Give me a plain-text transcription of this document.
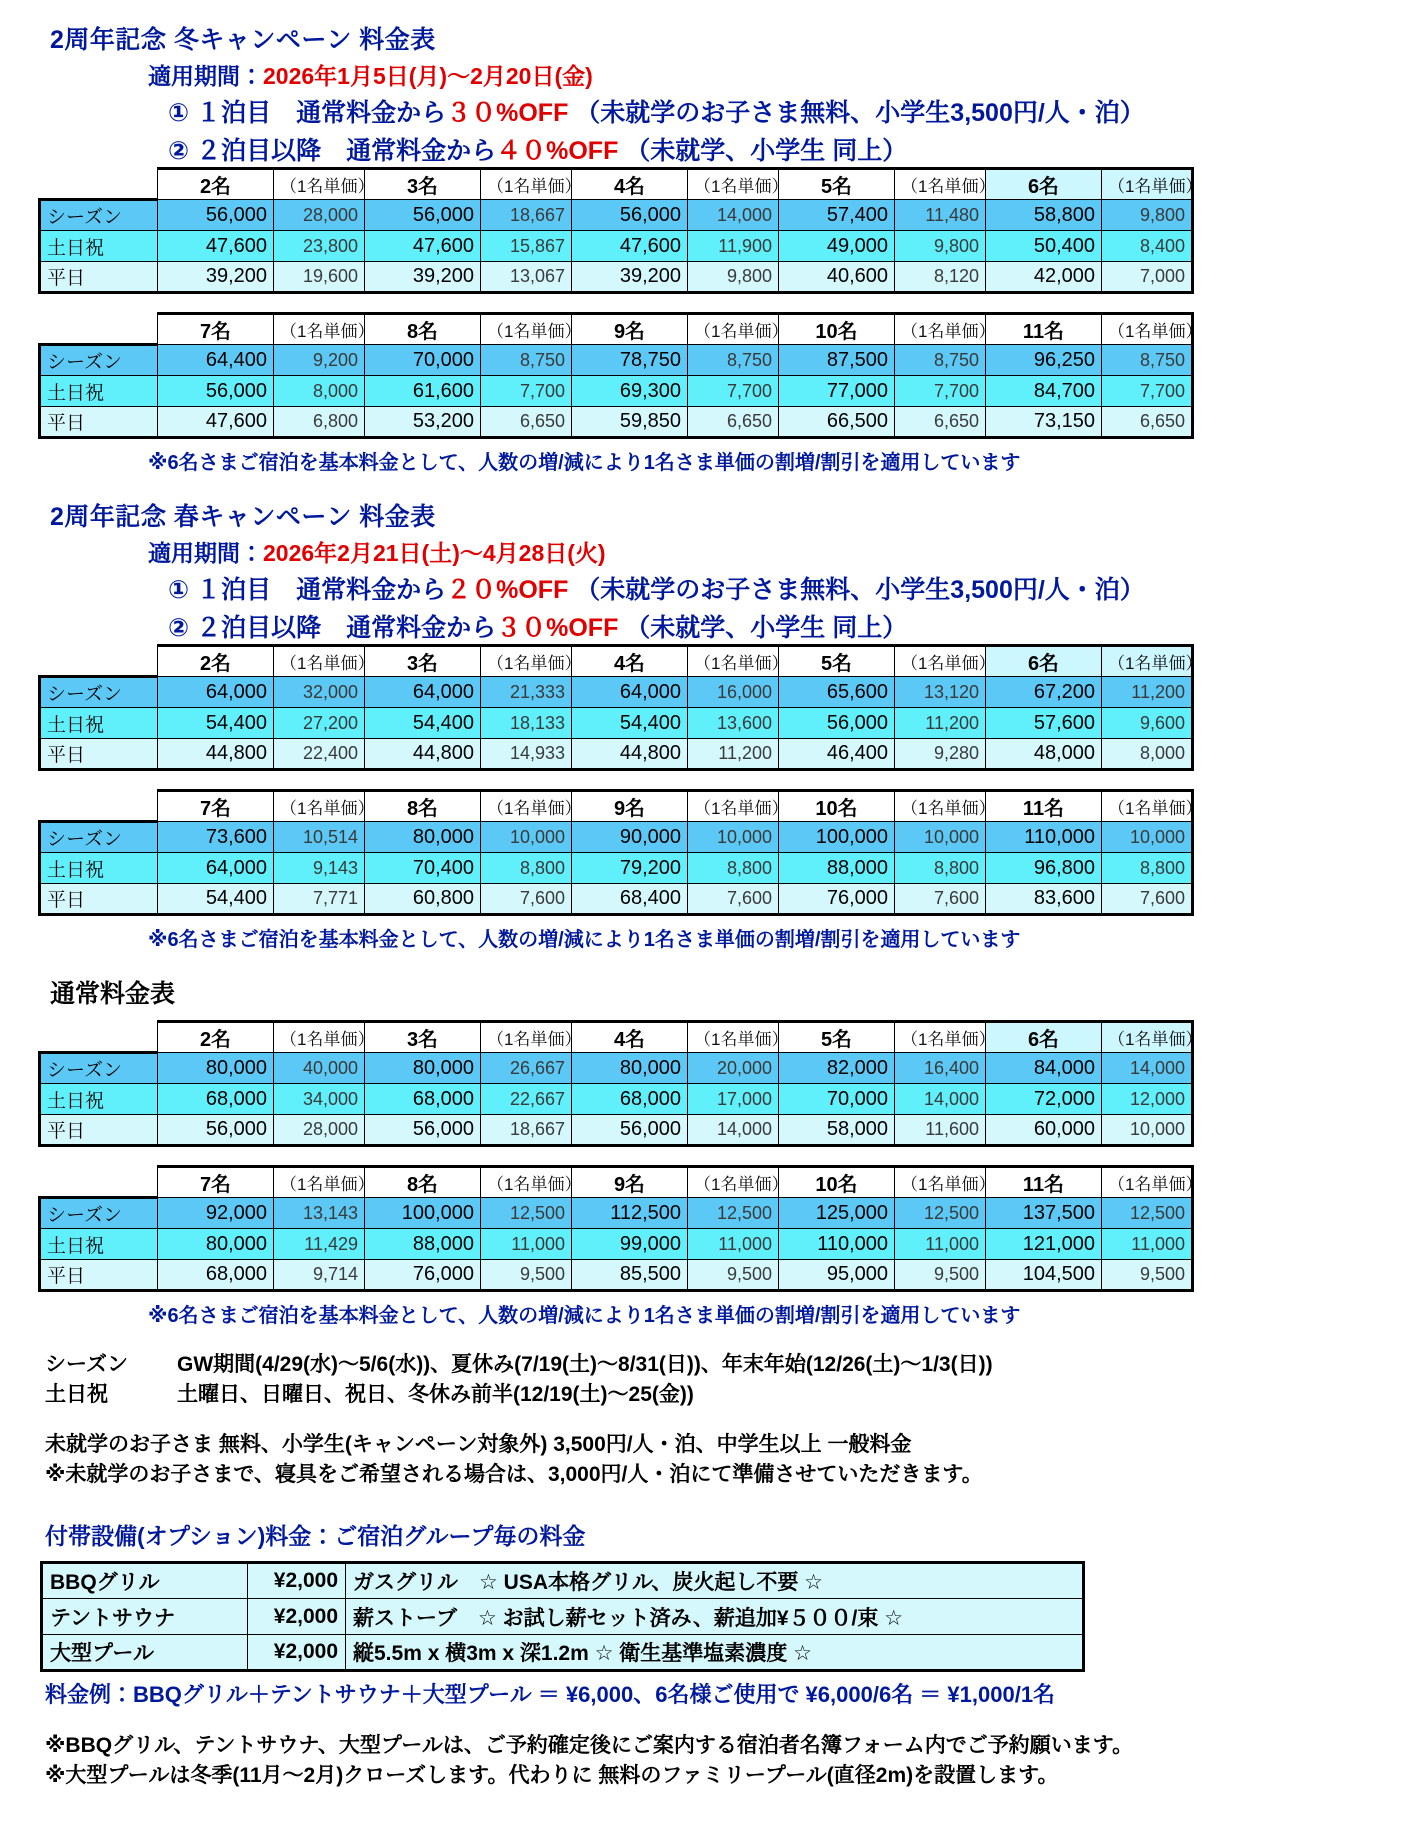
2周年記念 冬キャンペーン 料金表

適用期間：2026年1月5日(月)〜2月20日(金)

① １泊目　通常料金から３０%OFF （未就学のお子さま無料、小学生3,500円/人・泊）

② ２泊目以降　通常料金から４０%OFF （未就学、小学生 同上）

	2名	（1名単価）	3名	（1名単価）	4名	（1名単価）	5名	（1名単価）	6名	（1名単価）
シーズン	56,000	28,000	56,000	18,667	56,000	14,000	57,400	11,480	58,800	9,800
土日祝	47,600	23,800	47,600	15,867	47,600	11,900	49,000	9,800	50,400	8,400
平日	39,200	19,600	39,200	13,067	39,200	9,800	40,600	8,120	42,000	7,000
	7名	（1名単価）	8名	（1名単価）	9名	（1名単価）	10名	（1名単価）	11名	（1名単価）
シーズン	64,400	9,200	70,000	8,750	78,750	8,750	87,500	8,750	96,250	8,750
土日祝	56,000	8,000	61,600	7,700	69,300	7,700	77,000	7,700	84,700	7,700
平日	47,600	6,800	53,200	6,650	59,850	6,650	66,500	6,650	73,150	6,650

※6名さまご宿泊を基本料金として、人数の増/減により1名さま単価の割増/割引を適用しています

2周年記念 春キャンペーン 料金表

適用期間：2026年2月21日(土)〜4月28日(火)

① １泊目　通常料金から２０%OFF （未就学のお子さま無料、小学生3,500円/人・泊）

② ２泊目以降　通常料金から３０%OFF （未就学、小学生 同上）

	2名	（1名単価）	3名	（1名単価）	4名	（1名単価）	5名	（1名単価）	6名	（1名単価）
シーズン	64,000	32,000	64,000	21,333	64,000	16,000	65,600	13,120	67,200	11,200
土日祝	54,400	27,200	54,400	18,133	54,400	13,600	56,000	11,200	57,600	9,600
平日	44,800	22,400	44,800	14,933	44,800	11,200	46,400	9,280	48,000	8,000
	7名	（1名単価）	8名	（1名単価）	9名	（1名単価）	10名	（1名単価）	11名	（1名単価）
シーズン	73,600	10,514	80,000	10,000	90,000	10,000	100,000	10,000	110,000	10,000
土日祝	64,000	9,143	70,400	8,800	79,200	8,800	88,000	8,800	96,800	8,800
平日	54,400	7,771	60,800	7,600	68,400	7,600	76,000	7,600	83,600	7,600

※6名さまご宿泊を基本料金として、人数の増/減により1名さま単価の割増/割引を適用しています

通常料金表
	2名	（1名単価）	3名	（1名単価）	4名	（1名単価）	5名	（1名単価）	6名	（1名単価）
シーズン	80,000	40,000	80,000	26,667	80,000	20,000	82,000	16,400	84,000	14,000
土日祝	68,000	34,000	68,000	22,667	68,000	17,000	70,000	14,000	72,000	12,000
平日	56,000	28,000	56,000	18,667	56,000	14,000	58,000	11,600	60,000	10,000
	7名	（1名単価）	8名	（1名単価）	9名	（1名単価）	10名	（1名単価）	11名	（1名単価）
シーズン	92,000	13,143	100,000	12,500	112,500	12,500	125,000	12,500	137,500	12,500
土日祝	80,000	11,429	88,000	11,000	99,000	11,000	110,000	11,000	121,000	11,000
平日	68,000	9,714	76,000	9,500	85,500	9,500	95,000	9,500	104,500	9,500

※6名さまご宿泊を基本料金として、人数の増/減により1名さま単価の割増/割引を適用しています

シーズン GW期間(4/29(水)〜5/6(水))、夏休み(7/19(土)〜8/31(日))、年末年始(12/26(土)〜1/3(日))

土日祝	土曜日、日曜日、祝日、冬休み前半(12/19(土)〜25(金))

未就学のお子さま 無料、小学生(キャンペーン対象外) 3,500円/人・泊、中学生以上 一般料金

※未就学のお子さまで、寝具をご希望される場合は、3,000円/人・泊にて準備させていただきます。

付帯設備(オプション)料金：ご宿泊グループ毎の料金
BBQグリル	¥2,000	ガスグリル　☆ USA本格グリル、炭火起し不要 ☆
テントサウナ	¥2,000	薪ストーブ　☆ お試し薪セット済み、薪追加¥５００/束 ☆
大型プール	¥2,000	縦5.5m x 横3m x 深1.2m ☆ 衛生基準塩素濃度 ☆

料金例：BBQグリル＋テントサウナ＋大型プール ＝ ¥6,000、6名様ご使用で ¥6,000/6名 ＝ ¥1,000/1名

※BBQグリル、テントサウナ、大型プールは、ご予約確定後にご案内する宿泊者名簿フォーム内でご予約願います。

※大型プールは冬季(11月〜2月)クローズします。代わりに 無料のファミリープール(直径2m)を設置します。
